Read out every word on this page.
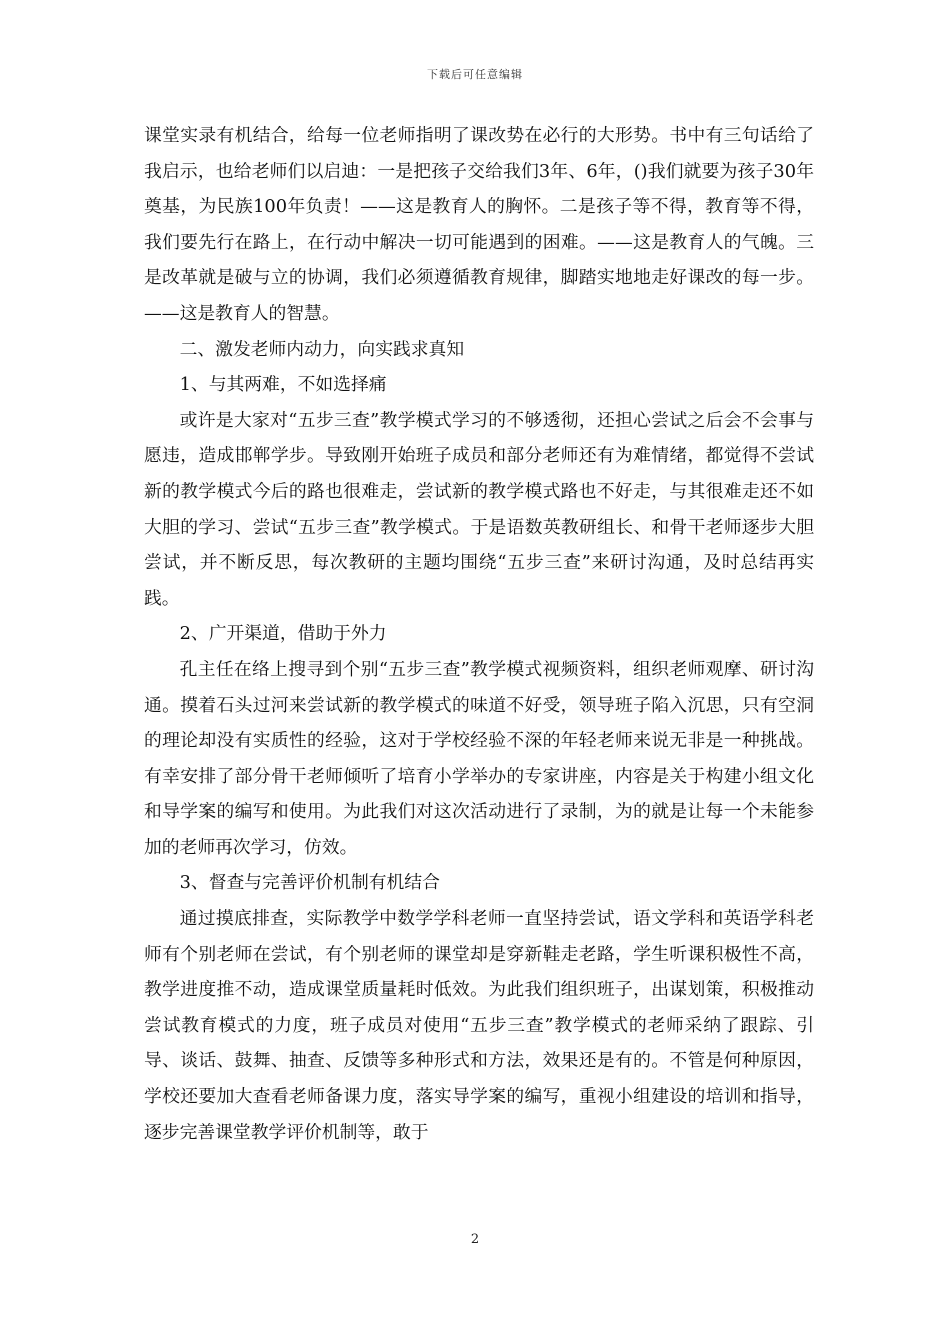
下载后可任意编辑

课堂实录有机结合，给每一位老师指明了课改势在必行的大形势。书中有三句话给了我启示，也给老师们以启迪：一是把孩子交给我们3年、6年，()我们就要为孩子30年奠基，为民族100年负责！——这是教育人的胸怀。二是孩子等不得，教育等不得，我们要先行在路上，在行动中解决一切可能遇到的困难。——这是教育人的气魄。三是改革就是破与立的协调，我们必须遵循教育规律，脚踏实地地走好课改的每一步。——这是教育人的智慧。

二、激发老师内动力，向实践求真知

1、与其两难，不如选择痛

或许是大家对“五步三查”教学模式学习的不够透彻，还担心尝试之后会不会事与愿违，造成邯郸学步。导致刚开始班子成员和部分老师还有为难情绪，都觉得不尝试新的教学模式今后的路也很难走，尝试新的教学模式路也不好走，与其很难走还不如大胆的学习、尝试“五步三查”教学模式。于是语数英教研组长、和骨干老师逐步大胆尝试，并不断反思，每次教研的主题均围绕“五步三查”来研讨沟通，及时总结再实践。

2、广开渠道，借助于外力

孔主任在络上搜寻到个别“五步三查”教学模式视频资料，组织老师观摩、研讨沟通。摸着石头过河来尝试新的教学模式的味道不好受，领导班子陷入沉思，只有空洞的理论却没有实质性的经验，这对于学校经验不深的年轻老师来说无非是一种挑战。有幸安排了部分骨干老师倾听了培育小学举办的专家讲座，内容是关于构建小组文化和导学案的编写和使用。为此我们对这次活动进行了录制，为的就是让每一个未能参加的老师再次学习，仿效。

3、督查与完善评价机制有机结合

通过摸底排查，实际教学中数学学科老师一直坚持尝试，语文学科和英语学科老师有个别老师在尝试，有个别老师的课堂却是穿新鞋走老路，学生听课积极性不高，教学进度推不动，造成课堂质量耗时低效。为此我们组织班子，出谋划策，积极推动尝试教育模式的力度，班子成员对使用“五步三查”教学模式的老师采纳了跟踪、引导、谈话、鼓舞、抽查、反馈等多种形式和方法，效果还是有的。不管是何种原因，学校还要加大查看老师备课力度，落实导学案的编写，重视小组建设的培训和指导，逐步完善课堂教学评价机制等，敢于

2
